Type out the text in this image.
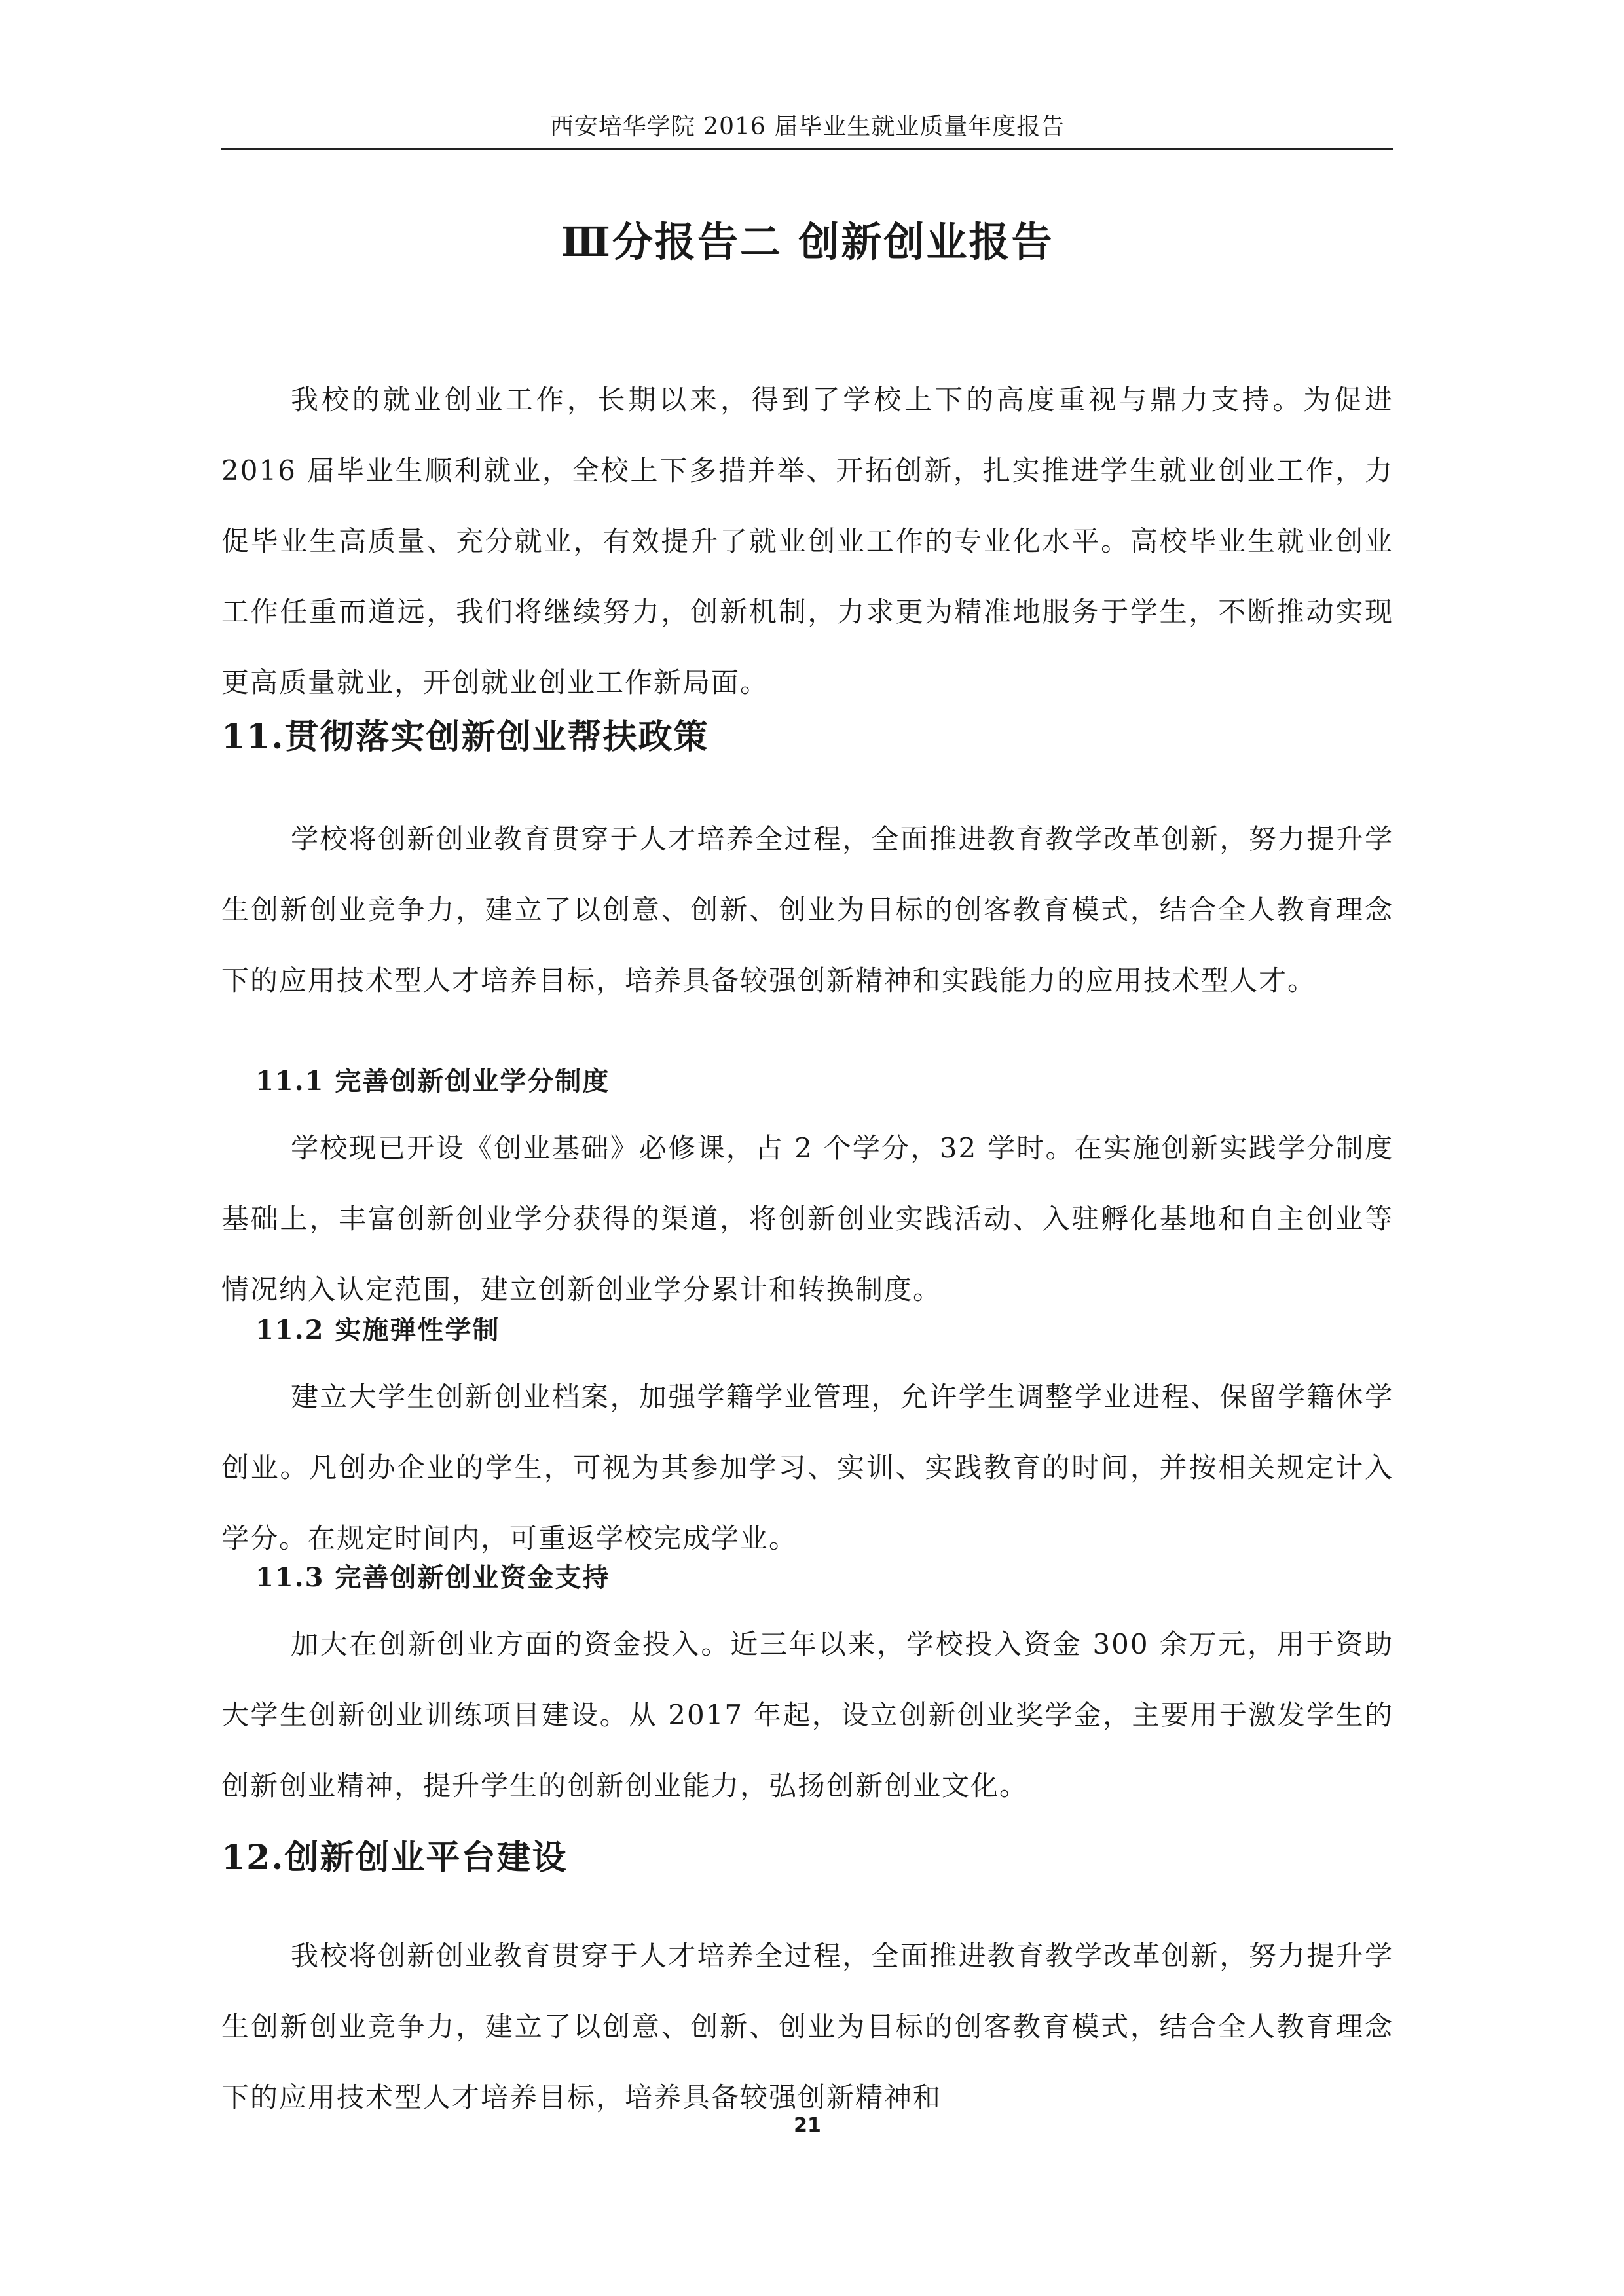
西安培华学院 2016 届毕业生就业质量年度报告
Ⅲ分报告二 创新创业报告

我校的就业创业工作，长期以来，得到了学校上下的高度重视与鼎力支持。为促进 2016 届毕业生顺利就业，全校上下多措并举、开拓创新，扎实推进学生就业创业工作，力促毕业生高质量、充分就业，有效提升了就业创业工作的专业化水平。高校毕业生就业创业工作任重而道远，我们将继续努力，创新机制，力求更为精准地服务于学生，不断推动实现更高质量就业，开创就业创业工作新局面。

11.贯彻落实创新创业帮扶政策

学校将创新创业教育贯穿于人才培养全过程，全面推进教育教学改革创新，努力提升学生创新创业竞争力，建立了以创意、创新、创业为目标的创客教育模式，结合全人教育理念下的应用技术型人才培养目标，培养具备较强创新精神和实践能力的应用技术型人才。

11.1 完善创新创业学分制度

学校现已开设《创业基础》必修课，占 2 个学分，32 学时。在实施创新实践学分制度基础上，丰富创新创业学分获得的渠道，将创新创业实践活动、入驻孵化基地和自主创业等情况纳入认定范围，建立创新创业学分累计和转换制度。

11.2 实施弹性学制

建立大学生创新创业档案，加强学籍学业管理，允许学生调整学业进程、保留学籍休学创业。凡创办企业的学生，可视为其参加学习、实训、实践教育的时间，并按相关规定计入学分。在规定时间内，可重返学校完成学业。

11.3 完善创新创业资金支持

加大在创新创业方面的资金投入。近三年以来，学校投入资金 300 余万元，用于资助大学生创新创业训练项目建设。从 2017 年起，设立创新创业奖学金，主要用于激发学生的创新创业精神，提升学生的创新创业能力，弘扬创新创业文化。

12.创新创业平台建设

我校将创新创业教育贯穿于人才培养全过程，全面推进教育教学改革创新，努力提升学生创新创业竞争力，建立了以创意、创新、创业为目标的创客教育模式，结合全人教育理念下的应用技术型人才培养目标，培养具备较强创新精神和

21
